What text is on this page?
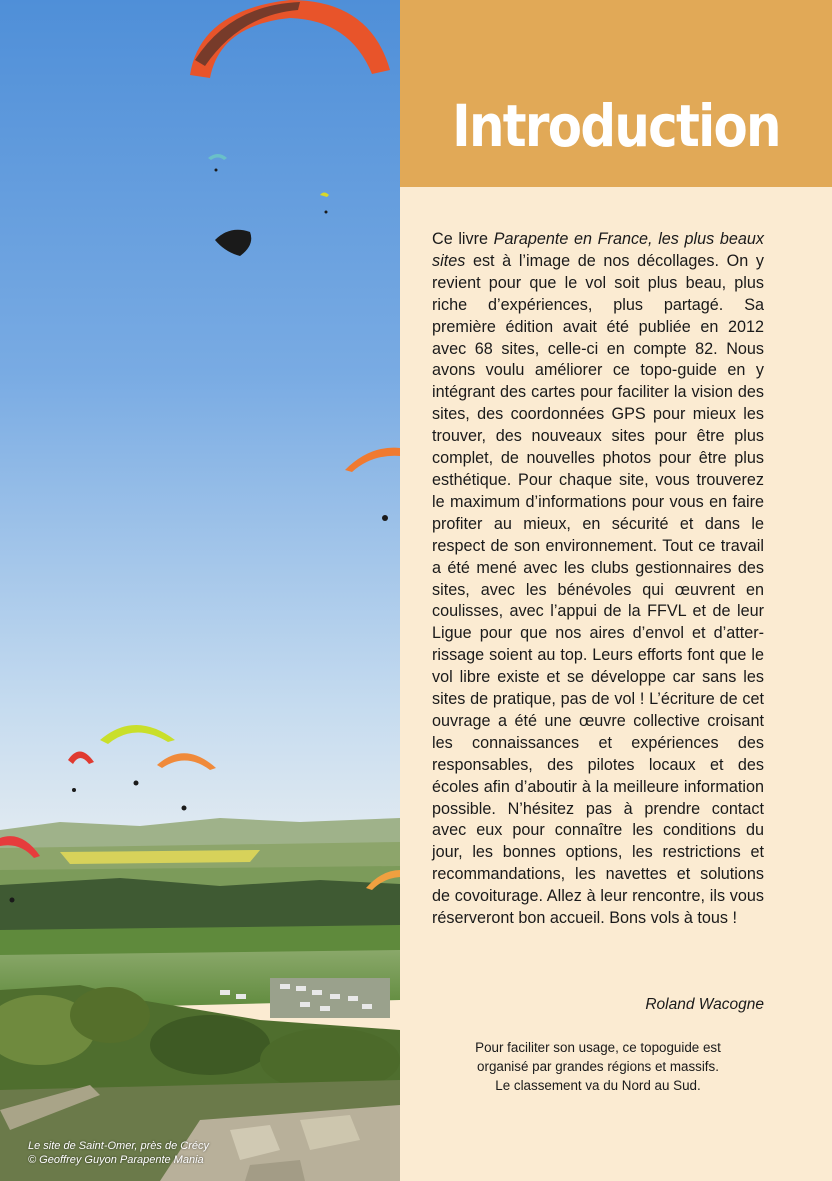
Le site de Saint-Omer, près de Crécy
© Geoffrey Guyon Parapente Mania
Introduction

Ce livre Parapente en France, les plus beaux sites est à l’image de nos décollages. On y revient pour que le vol soit plus beau, plus riche d’expériences, plus partagé. Sa première édition avait été publiée en 2012 avec 68 sites, celle-ci en compte 82. Nous avons voulu améliorer ce topo-guide en y intégrant des cartes pour faciliter la vision des sites, des coordonnées GPS pour mieux les trouver, des nouveaux sites pour être plus complet, de nouvelles photos pour être plus esthétique. Pour chaque site, vous trouverez le maximum d’informations pour vous en faire profiter au mieux, en sécurité et dans le respect de son environnement. Tout ce travail a été mené avec les clubs gestionnaires des sites, avec les bénévoles qui œuvrent en coulisses, avec l’appui de la FFVL et de leur Ligue pour que nos aires d’envol et d’atter-rissage soient au top. Leurs efforts font que le vol libre existe et se développe car sans les sites de pratique, pas de vol ! L’écriture de cet ouvrage a été une œuvre collective croisant les connaissances et expériences des responsables, des pilotes locaux et des écoles afin d’aboutir à la meilleure information possible. N’hésitez pas à prendre contact avec eux pour connaître les conditions du jour, les bonnes options, les restrictions et recommandations, les navettes et solutions de covoiturage. Allez à leur rencontre, ils vous réserveront bon accueil. Bons vols à tous !

Roland Wacogne
Pour faciliter son usage, ce topoguide est
organisé par grandes régions et massifs.
Le classement va du Nord au Sud.
